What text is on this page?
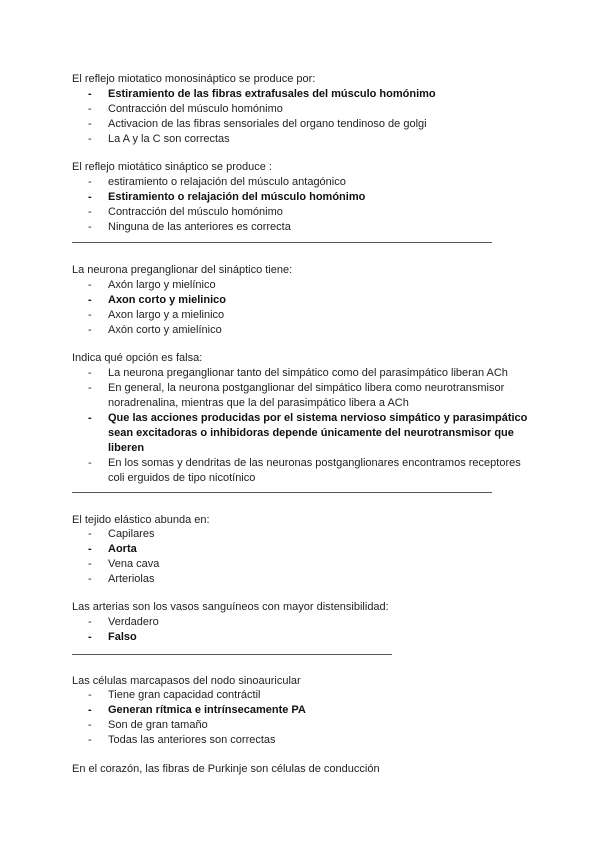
El reflejo miotatico monosináptico se produce por:
- Estiramiento de las fibras extrafusales del músculo homónimo
- Contracción del músculo homónimo
- Activacion de las fibras sensoriales del organo tendinoso de golgi
- La A y la C son correctas
El reflejo miotático sináptico se produce :
- estiramiento o relajación del músculo antagónico
- Estiramiento o relajación del músculo homónimo
- Contracción del músculo homónimo
- Ninguna de las anteriores es correcta
La neurona preganglionar del sináptico tiene:
- Axón largo y mielínico
- Axon corto y mielinico
- Axon largo y a mielinico
- Axón corto y amielínico
Indica qué opción es falsa:
- La neurona preganglionar tanto del simpático como del parasimpático liberan ACh
- En general, la neurona postganglionar del simpático libera como neurotransmisor noradrenalina, mientras que la del parasimpático libera a ACh
- Que las acciones producidas por el sistema nervioso simpático y parasimpático sean excitadoras o inhibidoras depende únicamente del neurotransmisor que liberen
- En los somas y dendritas de las neuronas postganglionares encontramos receptores coli erguidos de tipo nicotínico
El tejido elástico abunda en:
- Capilares
- Aorta
- Vena cava
- Arteriolas
Las arterias son los vasos sanguíneos con mayor distensibilidad:
- Verdadero
- Falso
Las células marcapasos del nodo sinoauricular
- Tiene gran capacidad contráctil
- Generan rítmica e intrínsecamente PA
- Son de gran tamaño
- Todas las anteriores son correctas
En el corazón, las fibras de Purkinje son células de conducción
